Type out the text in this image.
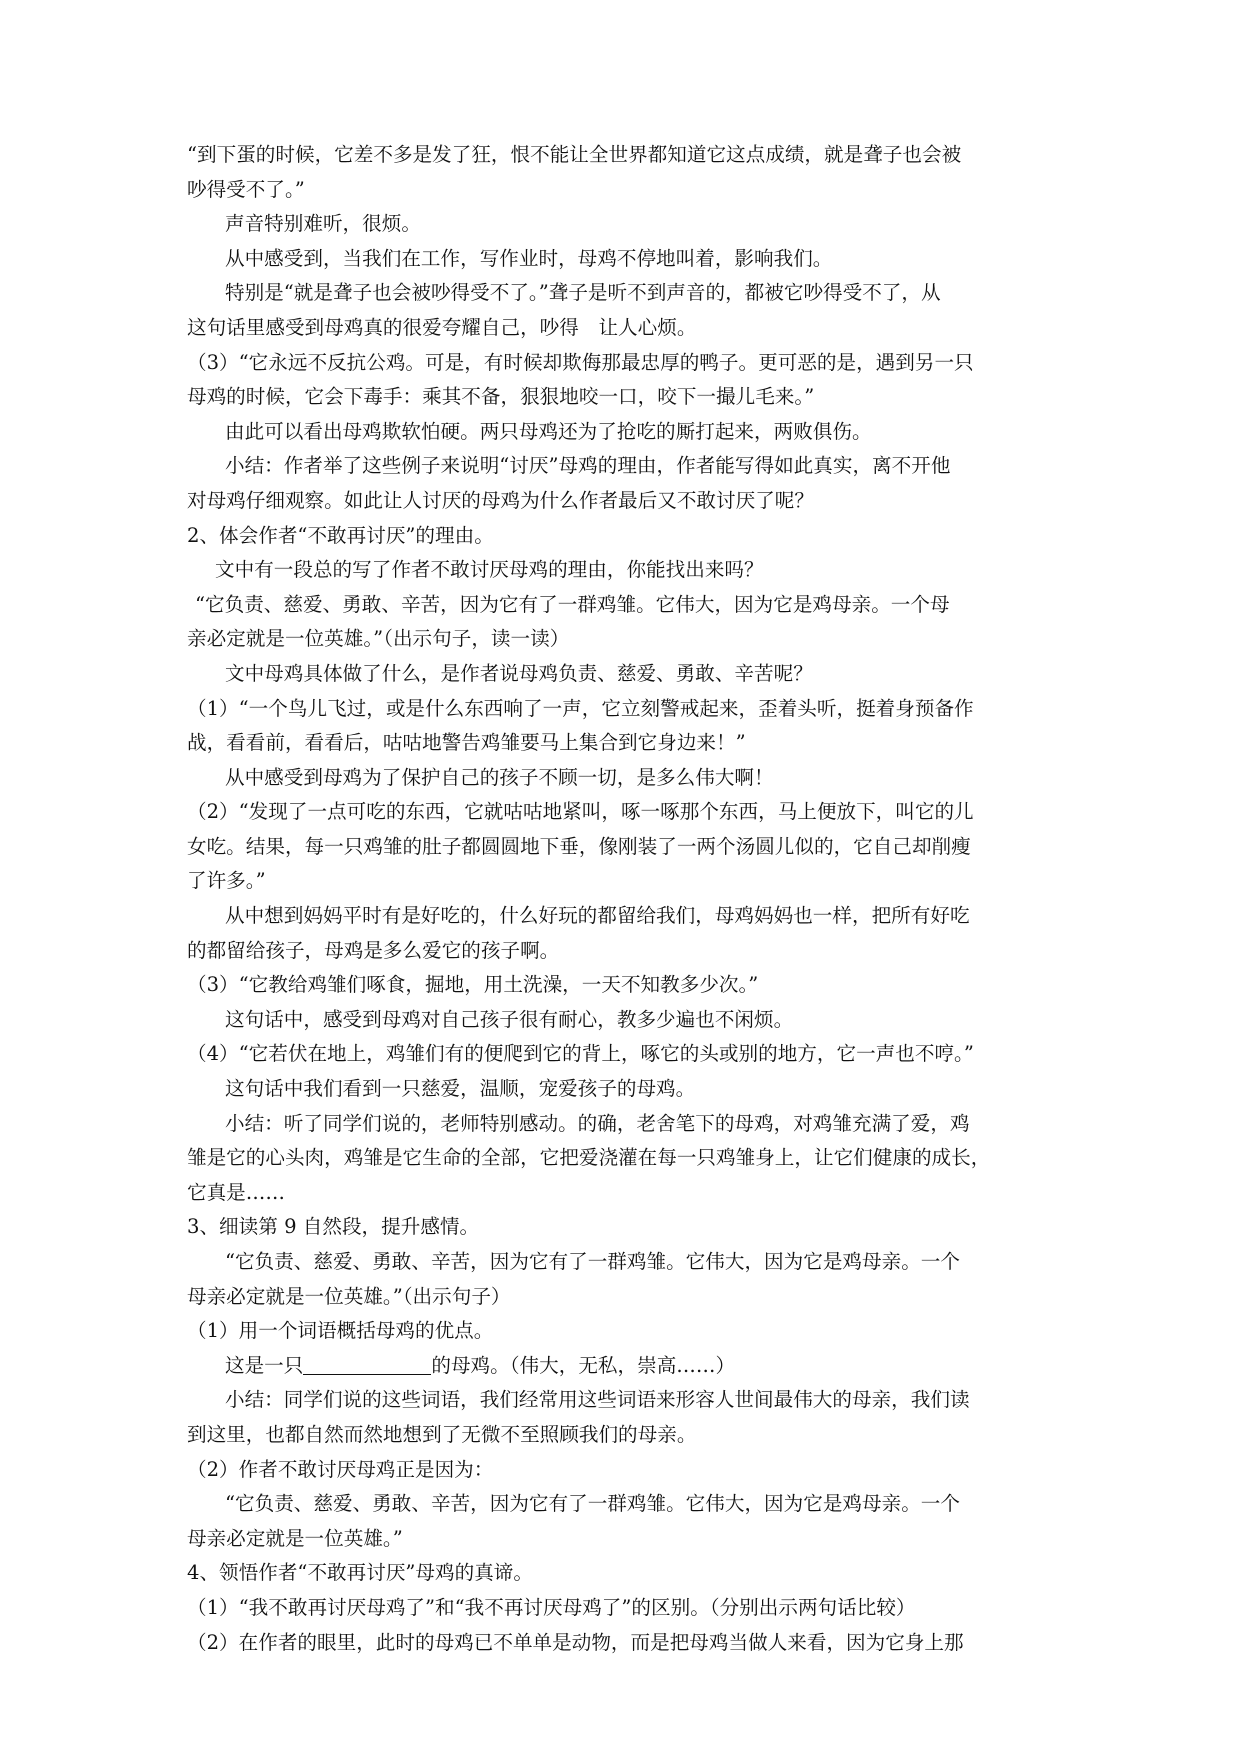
“到下蛋的时候，它差不多是发了狂，恨不能让全世界都知道它这点成绩，就是聋子也会被
吵得受不了。”
声音特别难听，很烦。
从中感受到，当我们在工作，写作业时，母鸡不停地叫着，影响我们。
特别是“就是聋子也会被吵得受不了。”聋子是听不到声音的，都被它吵得受不了，从
这句话里感受到母鸡真的很爱夸耀自己，吵得　让人心烦。
（3）“它永远不反抗公鸡。可是，有时候却欺侮那最忠厚的鸭子。更可恶的是，遇到另一只
母鸡的时候，它会下毒手：乘其不备，狠狠地咬一口，咬下一撮儿毛来。”
由此可以看出母鸡欺软怕硬。两只母鸡还为了抢吃的厮打起来，两败俱伤。
小结：作者举了这些例子来说明“讨厌”母鸡的理由，作者能写得如此真实，离不开他
对母鸡仔细观察。如此让人讨厌的母鸡为什么作者最后又不敢讨厌了呢？
2、体会作者“不敢再讨厌”的理由。
文中有一段总的写了作者不敢讨厌母鸡的理由，你能找出来吗？
“它负责、慈爱、勇敢、辛苦，因为它有了一群鸡雏。它伟大，因为它是鸡母亲。一个母
亲必定就是一位英雄。”（出示句子，读一读）
文中母鸡具体做了什么，是作者说母鸡负责、慈爱、勇敢、辛苦呢？
（1）“一个鸟儿飞过，或是什么东西响了一声，它立刻警戒起来，歪着头听，挺着身预备作
战，看看前，看看后，咕咕地警告鸡雏要马上集合到它身边来！”
从中感受到母鸡为了保护自己的孩子不顾一切，是多么伟大啊！
（2）“发现了一点可吃的东西，它就咕咕地紧叫，啄一啄那个东西，马上便放下，叫它的儿
女吃。结果，每一只鸡雏的肚子都圆圆地下垂，像刚装了一两个汤圆儿似的，它自己却削瘦
了许多。”
从中想到妈妈平时有是好吃的，什么好玩的都留给我们，母鸡妈妈也一样，把所有好吃
的都留给孩子，母鸡是多么爱它的孩子啊。
（3）“它教给鸡雏们啄食，掘地，用土洗澡，一天不知教多少次。”
这句话中，感受到母鸡对自己孩子很有耐心，教多少遍也不闲烦。
（4）“它若伏在地上，鸡雏们有的便爬到它的背上，啄它的头或别的地方，它一声也不哼。”
这句话中我们看到一只慈爱，温顺，宠爱孩子的母鸡。
小结：听了同学们说的，老师特别感动。的确，老舍笔下的母鸡，对鸡雏充满了爱，鸡
雏是它的心头肉，鸡雏是它生命的全部，它把爱浇灌在每一只鸡雏身上，让它们健康的成长，
它真是……
3、细读第 9 自然段，提升感情。
“它负责、慈爱、勇敢、辛苦，因为它有了一群鸡雏。它伟大，因为它是鸡母亲。一个
母亲必定就是一位英雄。”（出示句子）
（1）用一个词语概括母鸡的优点。
这是一只	的母鸡。（伟大，无私，崇高……）
小结：同学们说的这些词语，我们经常用这些词语来形容人世间最伟大的母亲，我们读
到这里，也都自然而然地想到了无微不至照顾我们的母亲。
（2）作者不敢讨厌母鸡正是因为：
“它负责、慈爱、勇敢、辛苦，因为它有了一群鸡雏。它伟大，因为它是鸡母亲。一个
母亲必定就是一位英雄。”
4、领悟作者“不敢再讨厌”母鸡的真谛。
（1）“我不敢再讨厌母鸡了”和“我不再讨厌母鸡了”的区别。（分别出示两句话比较）
（2）在作者的眼里，此时的母鸡已不单单是动物，而是把母鸡当做人来看，因为它身上那
